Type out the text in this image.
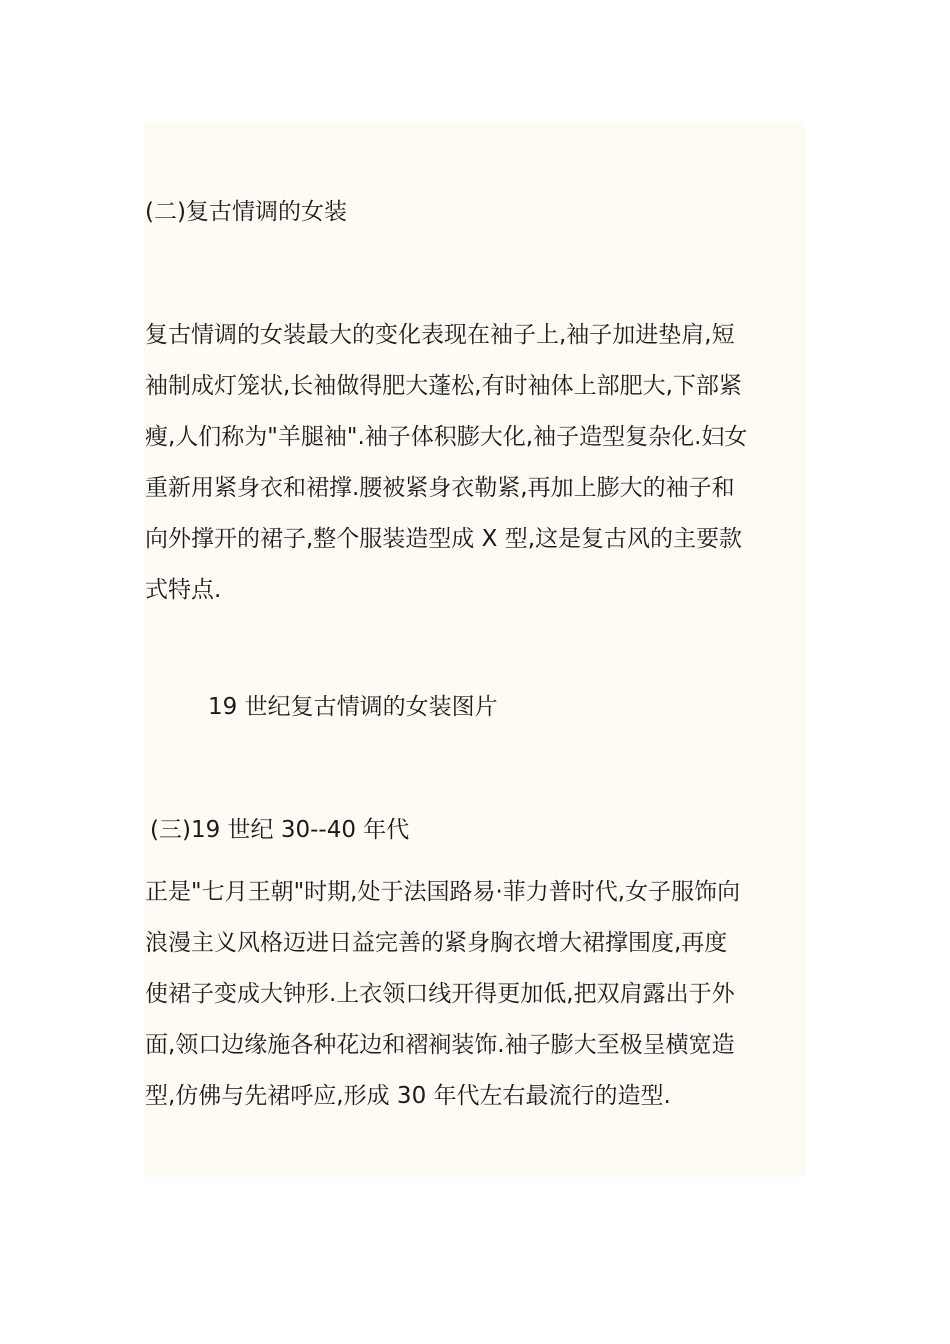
(二)复古情调的女装
复古情调的女装最大的变化表现在袖子上,袖子加进垫肩,短
袖制成灯笼状,长袖做得肥大蓬松,有时袖体上部肥大,下部紧
瘦,人们称为"羊腿袖".袖子体积膨大化,袖子造型复杂化.妇女
重新用紧身衣和裙撑.腰被紧身衣勒紧,再加上膨大的袖子和
向外撑开的裙子,整个服装造型成 X 型,这是复古风的主要款
式特点.
19 世纪复古情调的女装图片
(三)19 世纪 30--40 年代
正是"七月王朝"时期,处于法国路易·菲力普时代,女子服饰向
浪漫主义风格迈进日益完善的紧身胸衣增大裙撑围度,再度
使裙子变成大钟形.上衣领口线开得更加低,把双肩露出于外
面,领口边缘施各种花边和褶裥装饰.袖子膨大至极呈横宽造
型,仿佛与先裙呼应,形成 30 年代左右最流行的造型.
